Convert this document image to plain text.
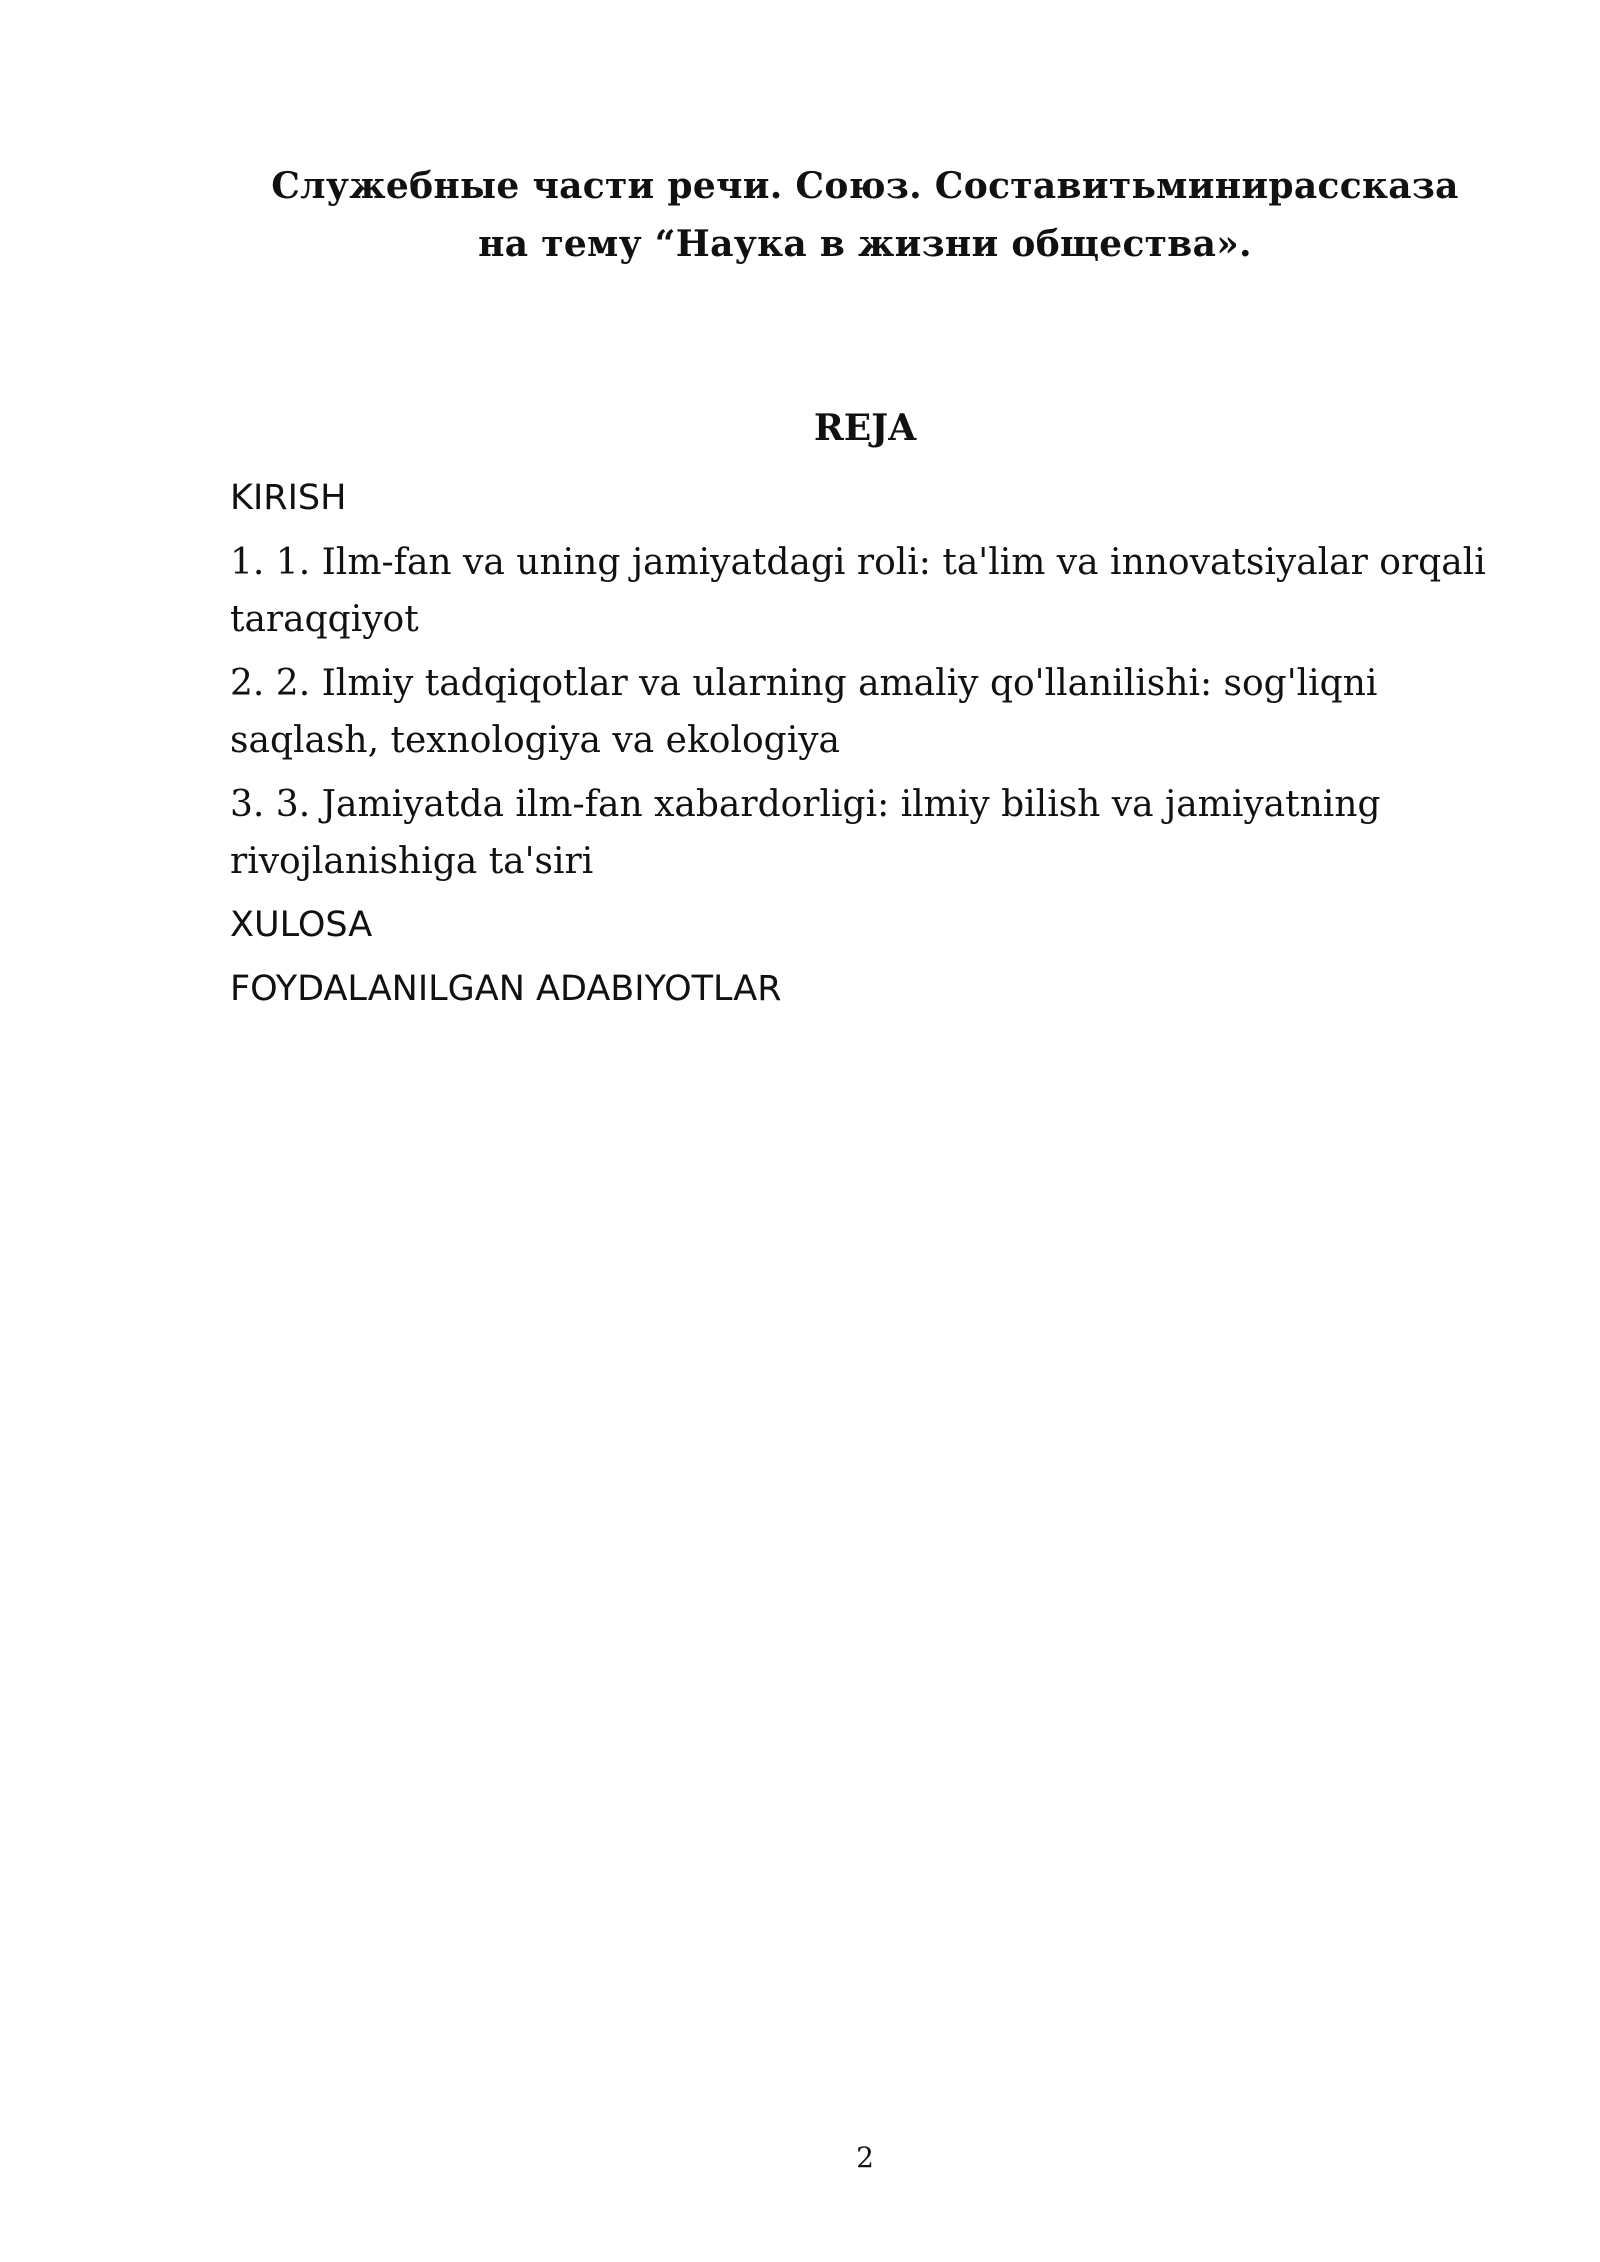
Служебные части речи. Союз. Составитьминирассказа
на тему “Наука в жизни общества».
REJA
KIRISH
1. 1. Ilm-fan va uning jamiyatdagi roli: ta'lim va innovatsiyalar orqali taraqqiyot
2. 2. Ilmiy tadqiqotlar va ularning amaliy qo'llanilishi: sog'liqni saqlash, texnologiya va ekologiya
3. 3. Jamiyatda ilm-fan xabardorligi: ilmiy bilish va jamiyatning rivojlanishiga ta'siri
XULOSA
FOYDALANILGAN ADABIYOTLAR
2
